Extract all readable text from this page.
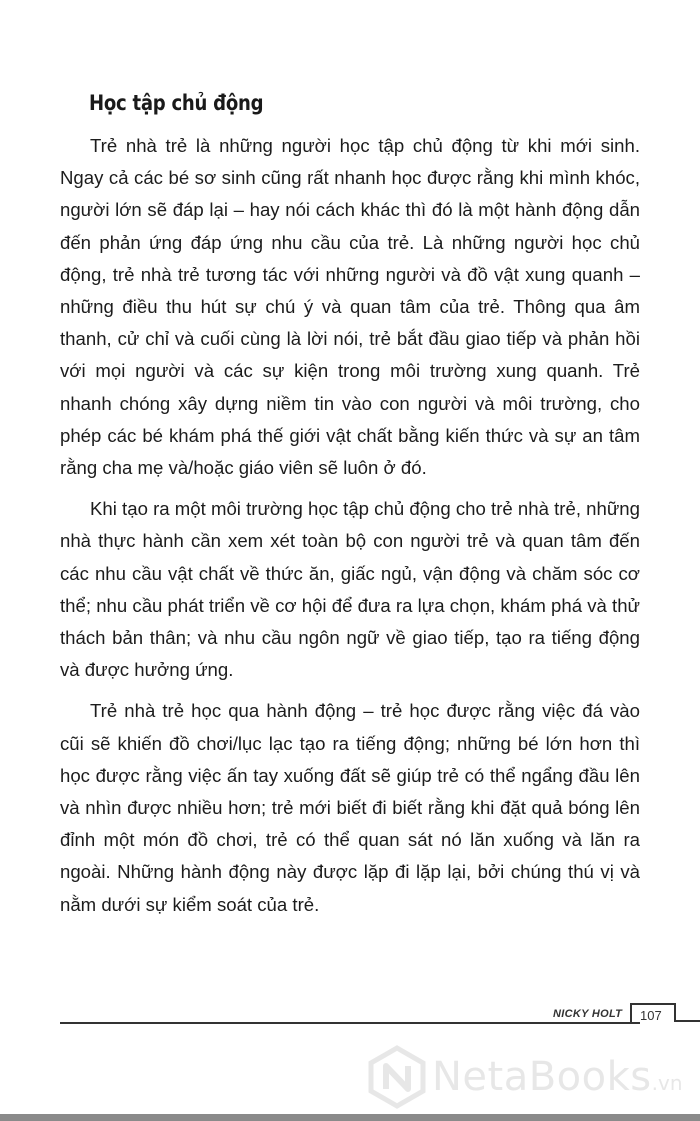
Học tập chủ động

Trẻ nhà trẻ là những người học tập chủ động từ khi mới sinh. Ngay cả các bé sơ sinh cũng rất nhanh học được rằng khi mình khóc, người lớn sẽ đáp lại – hay nói cách khác thì đó là một hành động dẫn đến phản ứng đáp ứng nhu cầu của trẻ. Là những người học chủ động, trẻ nhà trẻ tương tác với những người và đồ vật xung quanh – những điều thu hút sự chú ý và quan tâm của trẻ. Thông qua âm thanh, cử chỉ và cuối cùng là lời nói, trẻ bắt đầu giao tiếp và phản hồi với mọi người và các sự kiện trong môi trường xung quanh. Trẻ nhanh chóng xây dựng niềm tin vào con người và môi trường, cho phép các bé khám phá thế giới vật chất bằng kiến thức và sự an tâm rằng cha mẹ và/hoặc giáo viên sẽ luôn ở đó.

Khi tạo ra một môi trường học tập chủ động cho trẻ nhà trẻ, những nhà thực hành cần xem xét toàn bộ con người trẻ và quan tâm đến các nhu cầu vật chất về thức ăn, giấc ngủ, vận động và chăm sóc cơ thể; nhu cầu phát triển về cơ hội để đưa ra lựa chọn, khám phá và thử thách bản thân; và nhu cầu ngôn ngữ về giao tiếp, tạo ra tiếng động và được hưởng ứng.

Trẻ nhà trẻ học qua hành động – trẻ học được rằng việc đá vào cũi sẽ khiến đồ chơi/lục lạc tạo ra tiếng động; những bé lớn hơn thì học được rằng việc ấn tay xuống đất sẽ giúp trẻ có thể ngẩng đầu lên và nhìn được nhiều hơn; trẻ mới biết đi biết rằng khi đặt quả bóng lên đỉnh một món đồ chơi, trẻ có thể quan sát nó lăn xuống và lăn ra ngoài. Những hành động này được lặp đi lặp lại, bởi chúng thú vị và nằm dưới sự kiểm soát của trẻ.

NICKY HOLT 107
NetaBooks.vn
